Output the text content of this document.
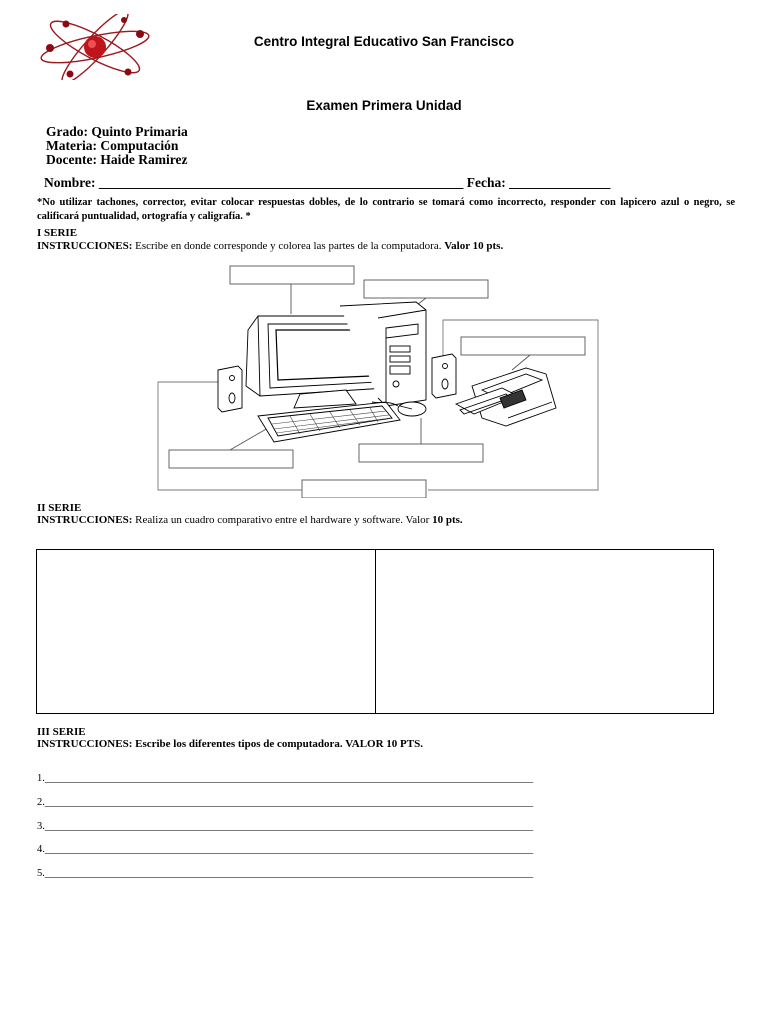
Centro Integral Educativo San Francisco
Examen Primera Unidad
Grado: Quinto Primaria
Materia: Computación
Docente: Haide Ramirez
Nombre: ______________________________________________________ Fecha: _______________
*No utilizar tachones, corrector, evitar colocar respuestas dobles, de lo contrario se tomará como incorrecto, responder con lapicero azul o negro, se calificará puntualidad, ortografía y caligrafía. *
I SERIE
INSTRUCCIONES: Escribe en donde corresponde y colorea las partes de la computadora. Valor 10 pts.
II SERIE
INSTRUCCIONES: Realiza un cuadro comparativo entre el hardware y software. Valor 10 pts.
III SERIE
INSTRUCCIONES: Escribe los diferentes tipos de computadora. VALOR 10 PTS.
1._____________________________________________________________________________________________
2._____________________________________________________________________________________________
3._____________________________________________________________________________________________
4._____________________________________________________________________________________________
5._____________________________________________________________________________________________
